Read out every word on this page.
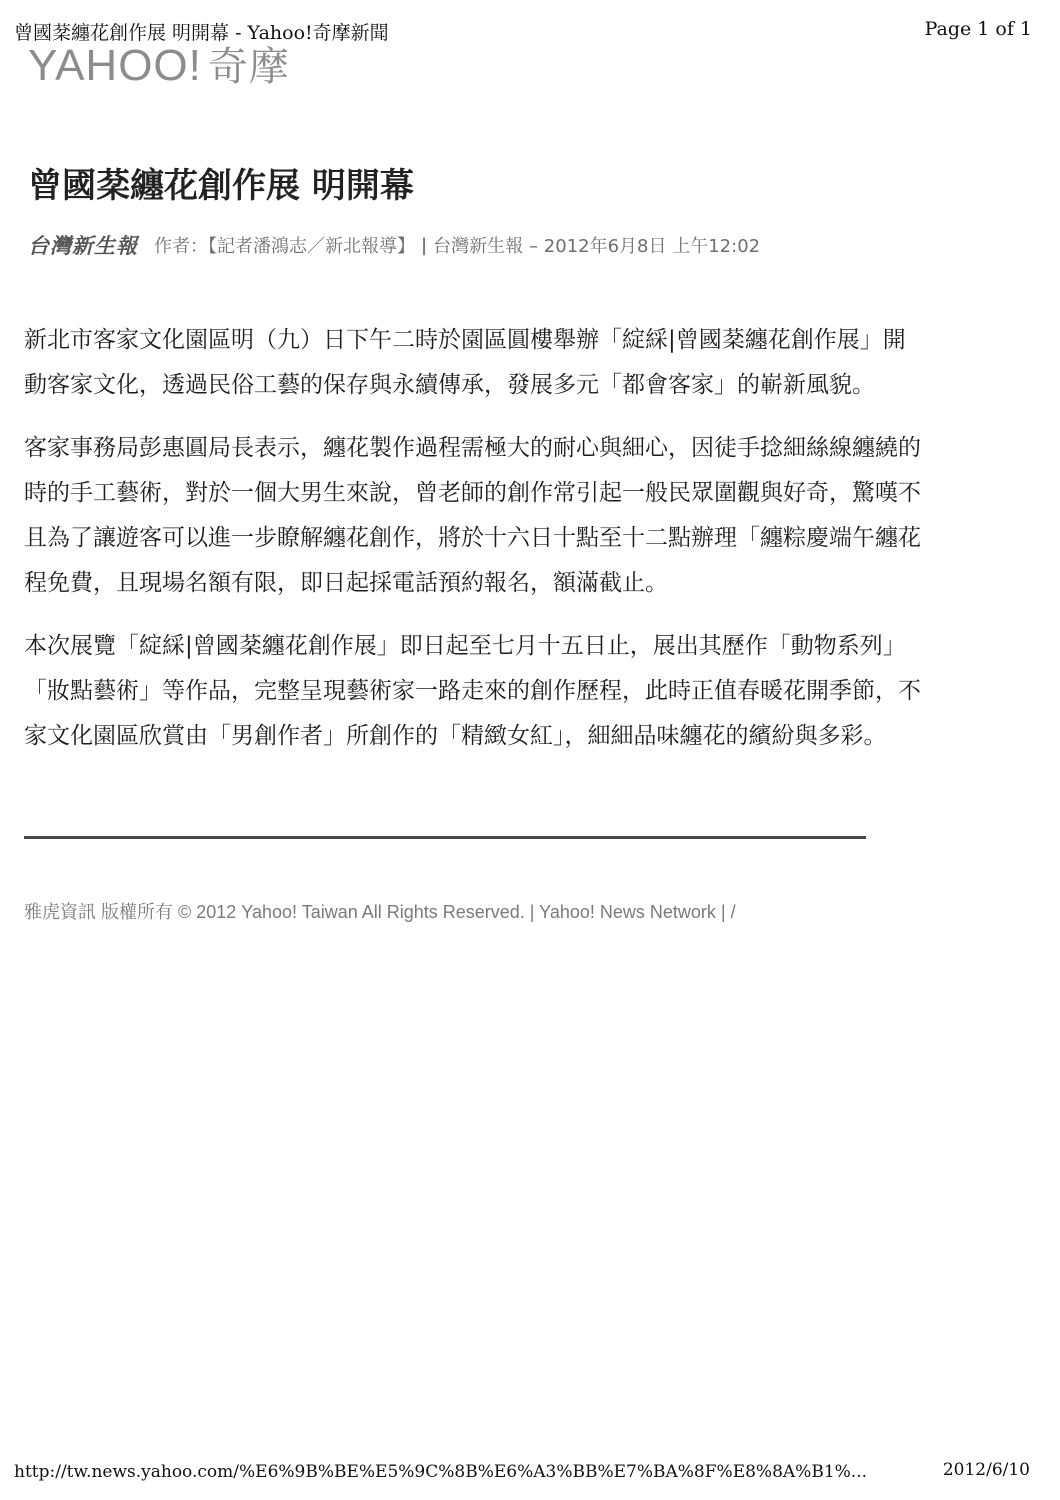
曾國棻纏花創作展 明開幕 - Yahoo!奇摩新聞	Page 1 of 1
YAHOO! 奇摩
曾國棻纏花創作展 明開幕
台灣新生報 作者：【記者潘鴻志／新北報導】 | 台灣新生報 – 2012年6月8日 上午12:02

新北市客家文化園區明（九）日下午二時於園區圓樓舉辦「綻綵|曾國棻纏花創作展」開
動客家文化，透過民俗工藝的保存與永續傳承，發展多元「都會客家」的嶄新風貌。

客家事務局彭惠圓局長表示，纏花製作過程需極大的耐心與細心，因徒手捻細絲線纏繞的
時的手工藝術，對於一個大男生來說，曾老師的創作常引起一般民眾圍觀與好奇，驚嘆不
且為了讓遊客可以進一步瞭解纏花創作，將於十六日十點至十二點辦理「纏粽慶端午纏花
程免費，且現場名額有限，即日起採電話預約報名，額滿截止。

本次展覽「綻綵|曾國棻纏花創作展」即日起至七月十五日止，展出其歷作「動物系列」
「妝點藝術」等作品，完整呈現藝術家一路走來的創作歷程，此時正值春暖花開季節，不
家文化園區欣賞由「男創作者」所創作的「精緻女紅」，細細品味纏花的繽紛與多彩。

雅虎資訊 版權所有 © 2012 Yahoo! Taiwan All Rights Reserved. | Yahoo! News Network | /
http://tw.news.yahoo.com/%E6%9B%BE%E5%9C%8B%E6%A3%BB%E7%BA%8F%E8%8A%B1%...	2012/6/10
